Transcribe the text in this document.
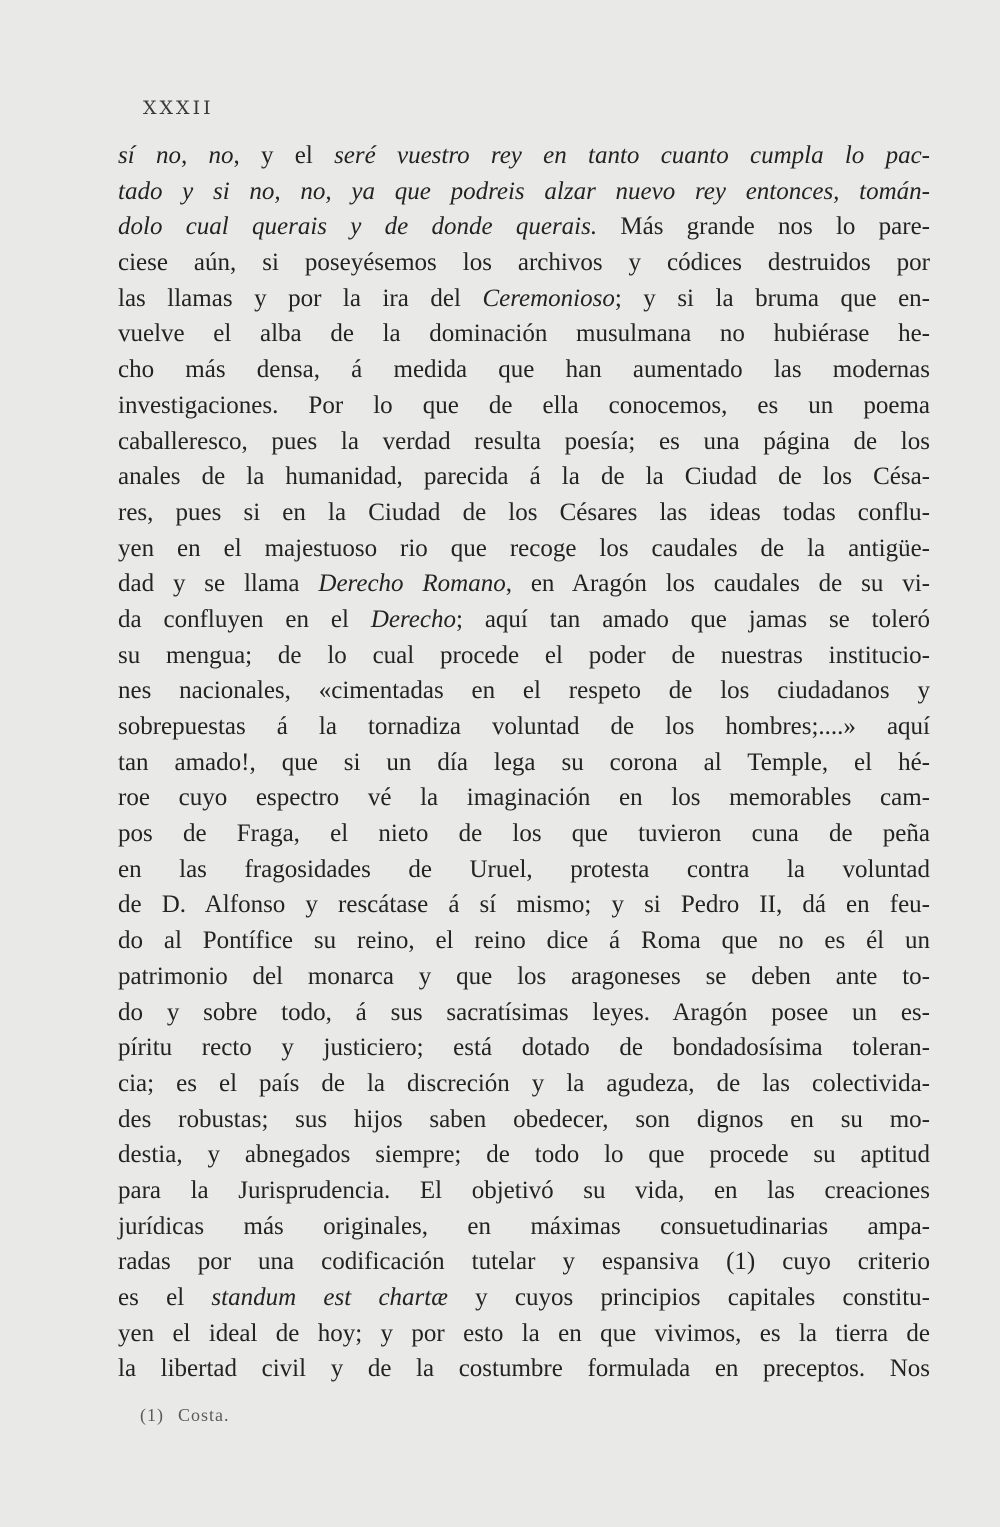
XXXII
sí no, no, y el seré vuestro rey en tanto cuanto cumpla lo pac-
tado y si no, no, ya que podreis alzar nuevo rey entonces, tomán-
dolo cual querais y de donde querais. Más grande nos lo pare-
ciese aún, si poseyésemos los archivos y códices destruidos por
las llamas y por la ira del Ceremonioso; y si la bruma que en-
vuelve el alba de la dominación musulmana no hubiérase he-
cho más densa, á medida que han aumentado las modernas
investigaciones. Por lo que de ella conocemos, es un poema
caballeresco, pues la verdad resulta poesía; es una página de los
anales de la humanidad, parecida á la de la Ciudad de los Césa-
res, pues si en la Ciudad de los Césares las ideas todas conflu-
yen en el majestuoso rio que recoge los caudales de la antigüe-
dad y se llama Derecho Romano, en Aragón los caudales de su vi-
da confluyen en el Derecho; aquí tan amado que jamas se toleró
su mengua; de lo cual procede el poder de nuestras institucio-
nes nacionales, «cimentadas en el respeto de los ciudadanos y
sobrepuestas á la tornadiza voluntad de los hombres;....» aquí
tan amado!, que si un día lega su corona al Temple, el hé-
roe cuyo espectro vé la imaginación en los memorables cam-
pos de Fraga, el nieto de los que tuvieron cuna de peña
en las fragosidades de Uruel, protesta contra la voluntad
de D. Alfonso y rescátase á sí mismo; y si Pedro II, dá en feu-
do al Pontífice su reino, el reino dice á Roma que no es él un
patrimonio del monarca y que los aragoneses se deben ante to-
do y sobre todo, á sus sacratísimas leyes. Aragón posee un es-
píritu recto y justiciero; está dotado de bondadosísima toleran-
cia; es el país de la discreción y la agudeza, de las colectivida-
des robustas; sus hijos saben obedecer, son dignos en su mo-
destia, y abnegados siempre; de todo lo que procede su aptitud
para la Jurisprudencia. El objetivó su vida, en las creaciones
jurídicas más originales, en máximas consuetudinarias ampa-
radas por una codificación tutelar y espansiva (1) cuyo criterio
es el standum est chartæ y cuyos principios capitales constitu-
yen el ideal de hoy; y por esto la en que vivimos, es la tierra de
la libertad civil y de la costumbre formulada en preceptos. Nos
(1) Costa.
